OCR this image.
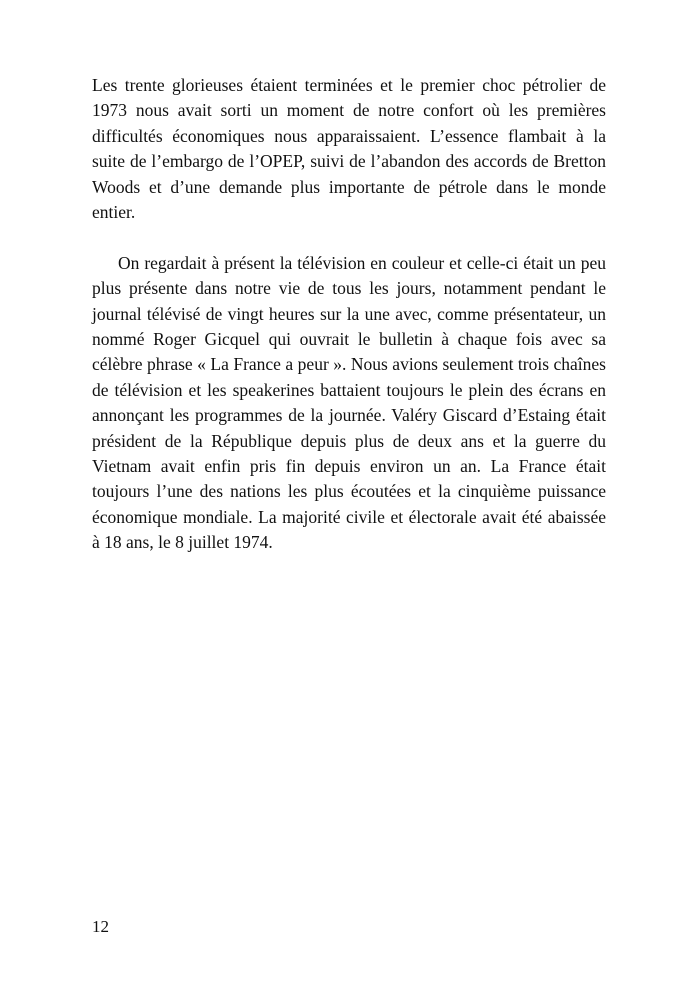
Les trente glorieuses étaient terminées et le premier choc pétrolier de 1973 nous avait sorti un moment de notre confort où les premières difficultés économiques nous apparaissaient. L’essence flambait à la suite de l’embargo de l’OPEP, suivi de l’abandon des accords de Bretton Woods et d’une demande plus importante de pétrole dans le monde entier.

On regardait à présent la télévision en couleur et celle-ci était un peu plus présente dans notre vie de tous les jours, notamment pendant le journal télévisé de vingt heures sur la une avec, comme présentateur, un nommé Roger Gicquel qui ouvrait le bulletin à chaque fois avec sa célèbre phrase « La France a peur ». Nous avions seulement trois chaînes de télévision et les speakerines battaient toujours le plein des écrans en annonçant les programmes de la journée. Valéry Giscard d’Estaing était président de la République depuis plus de deux ans et la guerre du Vietnam avait enfin pris fin depuis environ un an. La France était toujours l’une des nations les plus écoutées et la cinquième puissance économique mondiale. La majorité civile et électorale avait été abaissée à 18 ans, le 8 juillet 1974.

12
